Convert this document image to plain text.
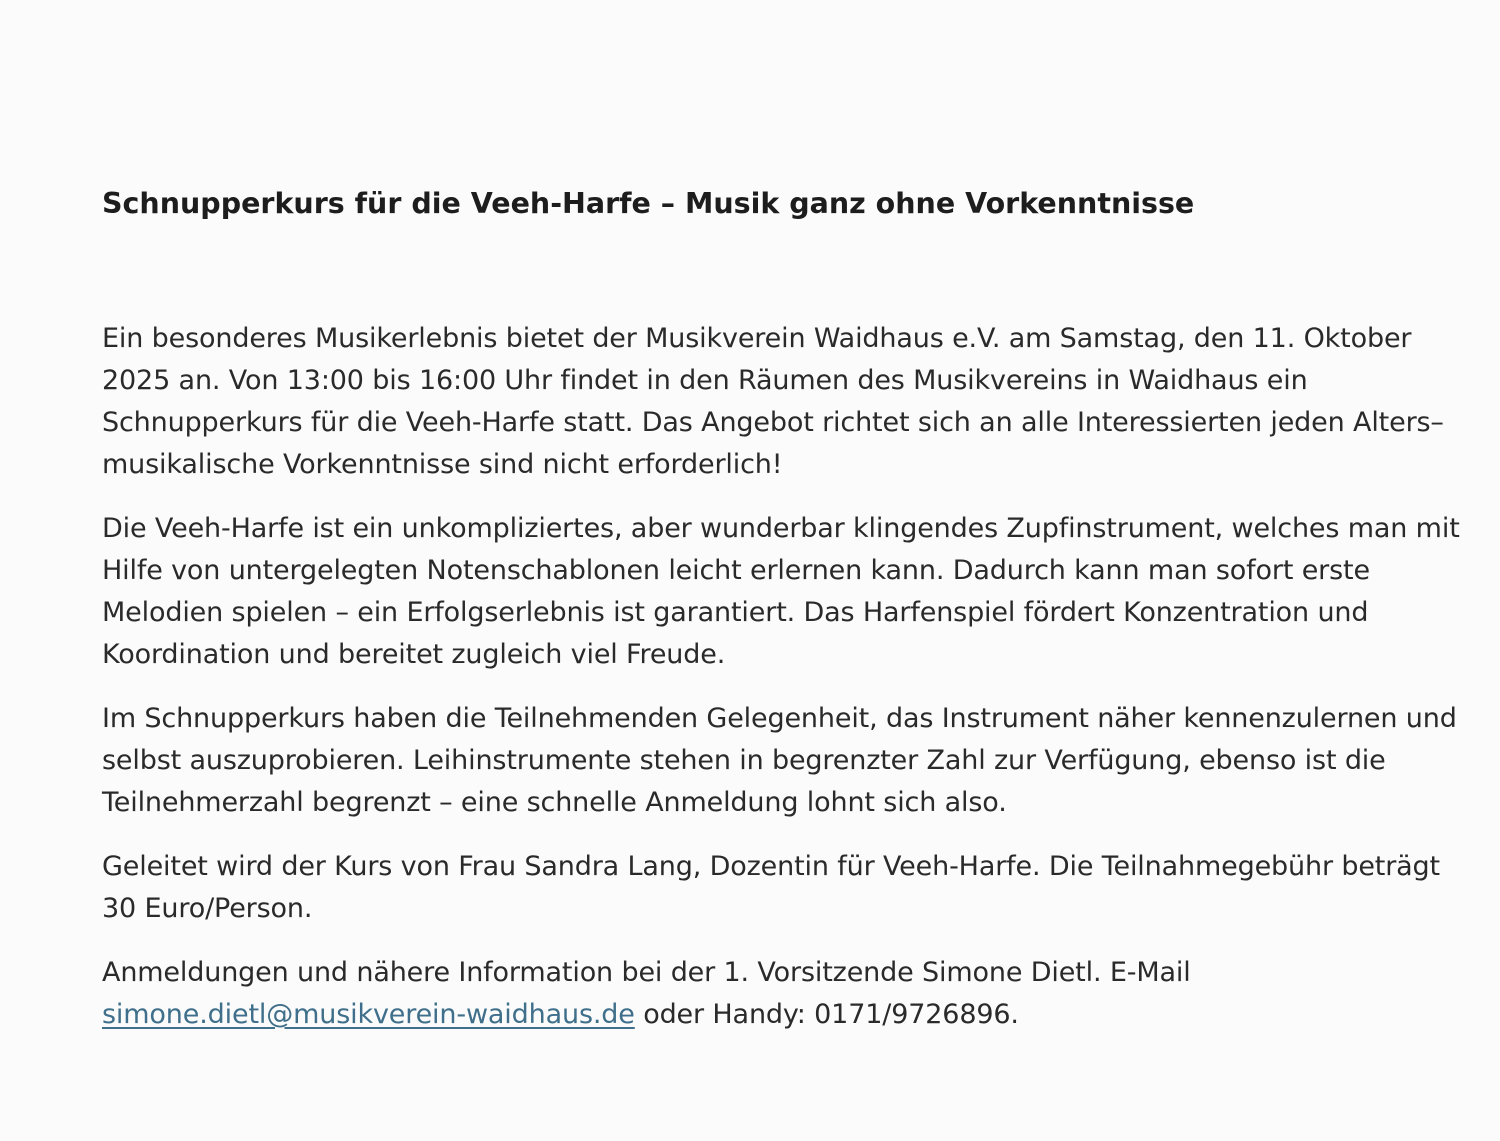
Schnupperkurs für die Veeh-Harfe – Musik ganz ohne Vorkenntnisse

Ein besonderes Musikerlebnis bietet der Musikverein Waidhaus e.V. am Samstag, den 11. Oktober 2025 an. Von 13:00 bis 16:00 Uhr findet in den Räumen des Musikvereins in Waidhaus ein Schnupperkurs für die Veeh-Harfe statt. Das Angebot richtet sich an alle Interessierten jeden Alters– musikalische Vorkenntnisse sind nicht erforderlich!

Die Veeh-Harfe ist ein unkompliziertes, aber wunderbar klingendes Zupfinstrument, welches man mit Hilfe von untergelegten Notenschablonen leicht erlernen kann. Dadurch kann man sofort erste Melodien spielen – ein Erfolgserlebnis ist garantiert. Das Harfenspiel fördert Konzentration und Koordination und bereitet zugleich viel Freude.

Im Schnupperkurs haben die Teilnehmenden Gelegenheit, das Instrument näher kennenzulernen und selbst auszuprobieren. Leihinstrumente stehen in begrenzter Zahl zur Verfügung, ebenso ist die Teilnehmerzahl begrenzt – eine schnelle Anmeldung lohnt sich also.

Geleitet wird der Kurs von Frau Sandra Lang, Dozentin für Veeh-Harfe. Die Teilnahmegebühr beträgt 30 Euro/Person.

Anmeldungen und nähere Information bei der 1. Vorsitzende Simone Dietl. E-Mail simone.dietl@musikverein-waidhaus.de oder Handy: 0171/9726896.
